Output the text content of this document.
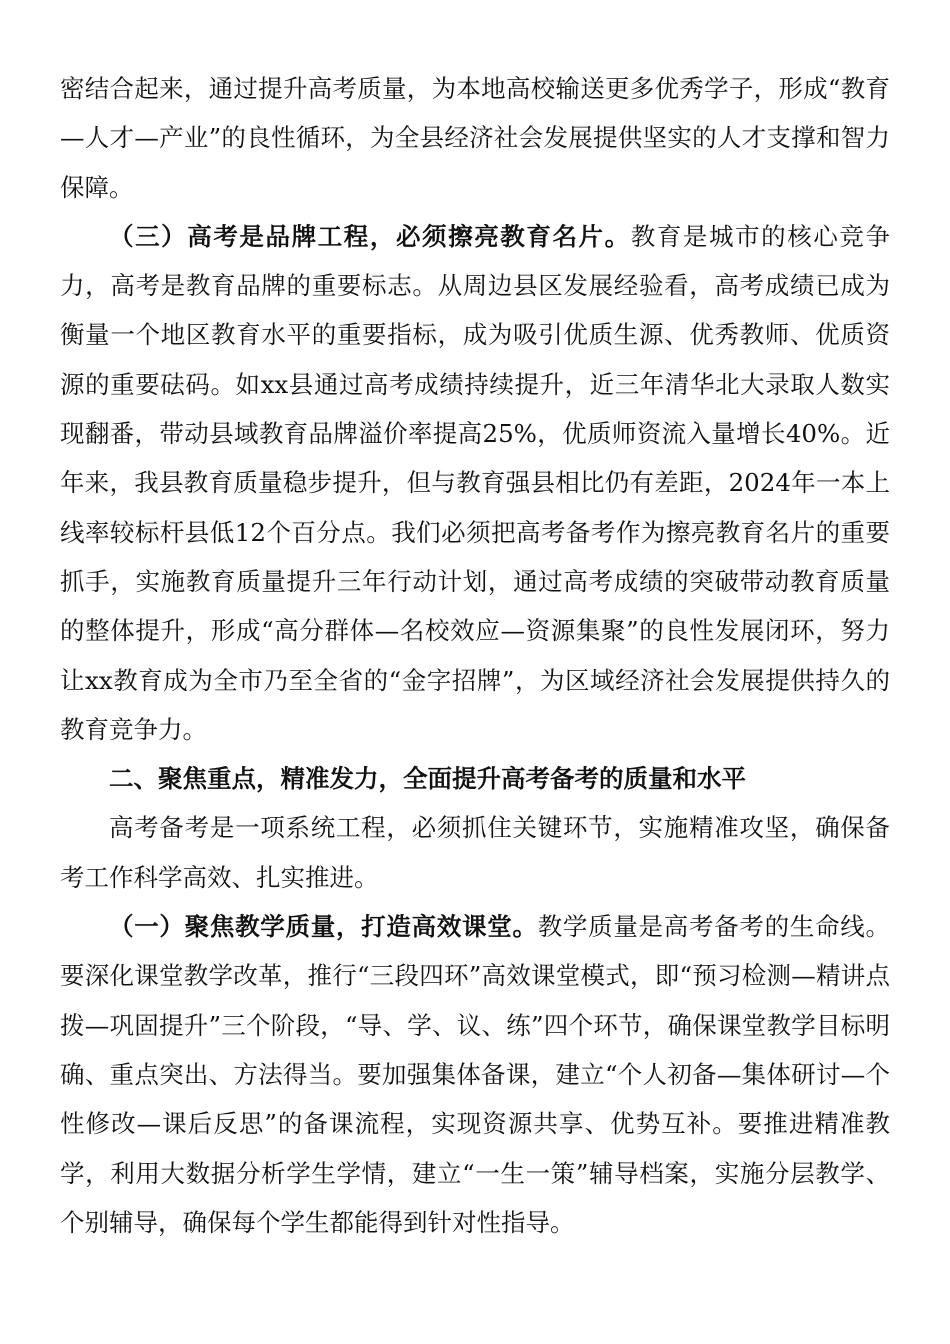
密结合起来，通过提升高考质量，为本地高校输送更多优秀学子，形成“教育—人才—产业”的良性循环，为全县经济社会发展提供坚实的人才支撑和智力保障。

（三）高考是品牌工程，必须擦亮教育名片。教育是城市的核心竞争力，高考是教育品牌的重要标志。从周边县区发展经验看，高考成绩已成为衡量一个地区教育水平的重要指标，成为吸引优质生源、优秀教师、优质资源的重要砝码。如xx县通过高考成绩持续提升，近三年清华北大录取人数实现翻番，带动县域教育品牌溢价率提高25%，优质师资流入量增长40%。近年来，我县教育质量稳步提升，但与教育强县相比仍有差距，2024年一本上线率较标杆县低12个百分点。我们必须把高考备考作为擦亮教育名片的重要抓手，实施教育质量提升三年行动计划，通过高考成绩的突破带动教育质量的整体提升，形成“高分群体—名校效应—资源集聚”的良性发展闭环，努力让xx教育成为全市乃至全省的“金字招牌”，为区域经济社会发展提供持久的教育竞争力。

二、聚焦重点，精准发力，全面提升高考备考的质量和水平

高考备考是一项系统工程，必须抓住关键环节，实施精准攻坚，确保备考工作科学高效、扎实推进。

（一）聚焦教学质量，打造高效课堂。教学质量是高考备考的生命线。要深化课堂教学改革，推行“三段四环”高效课堂模式，即“预习检测—精讲点拨—巩固提升”三个阶段，“导、学、议、练”四个环节，确保课堂教学目标明确、重点突出、方法得当。要加强集体备课，建立“个人初备—集体研讨—个性修改—课后反思”的备课流程，实现资源共享、优势互补。要推进精准教学，利用大数据分析学生学情，建立“一生一策”辅导档案，实施分层教学、个别辅导，确保每个学生都能得到针对性指导。
